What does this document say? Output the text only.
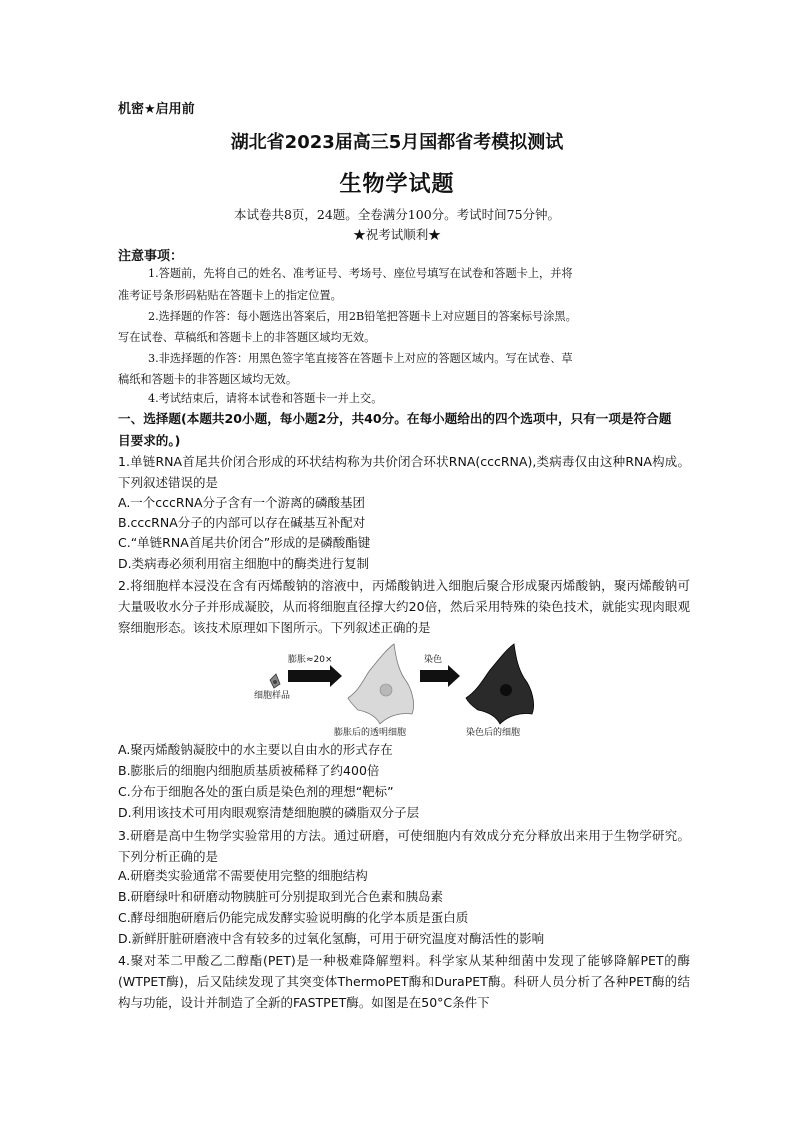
机密★启用前
湖北省2023届高三5月国都省考模拟测试
生物学试题
本试卷共8页，24题。全卷满分100分。考试时间75分钟。
★祝考试顺利★
注意事项：
1.答题前，先将自己的姓名、准考证号、考场号、座位号填写在试卷和答题卡上，并将
准考证号条形码粘贴在答题卡上的指定位置。
2.选择题的作答：每小题选出答案后，用2B铅笔把答题卡上对应题目的答案标号涂黑。
写在试卷、草稿纸和答题卡上的非答题区域均无效。
3.非选择题的作答：用黑色签字笔直接答在答题卡上对应的答题区域内。写在试卷、草
稿纸和答题卡的非答题区域均无效。
4.考试结束后，请将本试卷和答题卡一并上交。
一、选择题(本题共20小题，每小题2分，共40分。在每小题给出的四个选项中，只有一项是符合题目要求的。)
1.单链RNA首尾共价闭合形成的环状结构称为共价闭合环状RNA(cccRNA),类病毒仅由这种RNA构成。下列叙述错误的是
A.一个cccRNA分子含有一个游离的磷酸基团
B.cccRNA分子的内部可以存在碱基互补配对
C.“单链RNA首尾共价闭合”形成的是磷酸酯键
D.类病毒必须利用宿主细胞中的酶类进行复制
2.将细胞样本浸没在含有丙烯酸钠的溶液中，丙烯酸钠进入细胞后聚合形成聚丙烯酸钠，聚丙烯酸钠可大量吸收水分子并形成凝胶，从而将细胞直径撑大约20倍，然后采用特殊的染色技术，就能实现肉眼观察细胞形态。该技术原理如下图所示。下列叙述正确的是
细胞样品
膨胀≈20×
膨胀后的透明细胞
染色
染色后的细胞
A.聚丙烯酸钠凝胶中的水主要以自由水的形式存在
B.膨胀后的细胞内细胞质基质被稀释了约400倍
C.分布于细胞各处的蛋白质是染色剂的理想“靶标”
D.利用该技术可用肉眼观察清楚细胞膜的磷脂双分子层
3.研磨是高中生物学实验常用的方法。通过研磨，可使细胞内有效成分充分释放出来用于生物学研究。下列分析正确的是
A.研磨类实验通常不需要使用完整的细胞结构
B.研磨绿叶和研磨动物胰脏可分别提取到光合色素和胰岛素
C.酵母细胞研磨后仍能完成发酵实验说明酶的化学本质是蛋白质
D.新鲜肝脏研磨液中含有较多的过氧化氢酶，可用于研究温度对酶活性的影响
4.聚对苯二甲酸乙二醇酯(PET)是一种极难降解塑料。科学家从某种细菌中发现了能够降解PET的酶(WTPET酶)，后又陆续发现了其突变体ThermoPET酶和DuraPET酶。科研人员分析了各种PET酶的结构与功能，设计并制造了全新的FASTPET酶。如图是在50°C条件下
